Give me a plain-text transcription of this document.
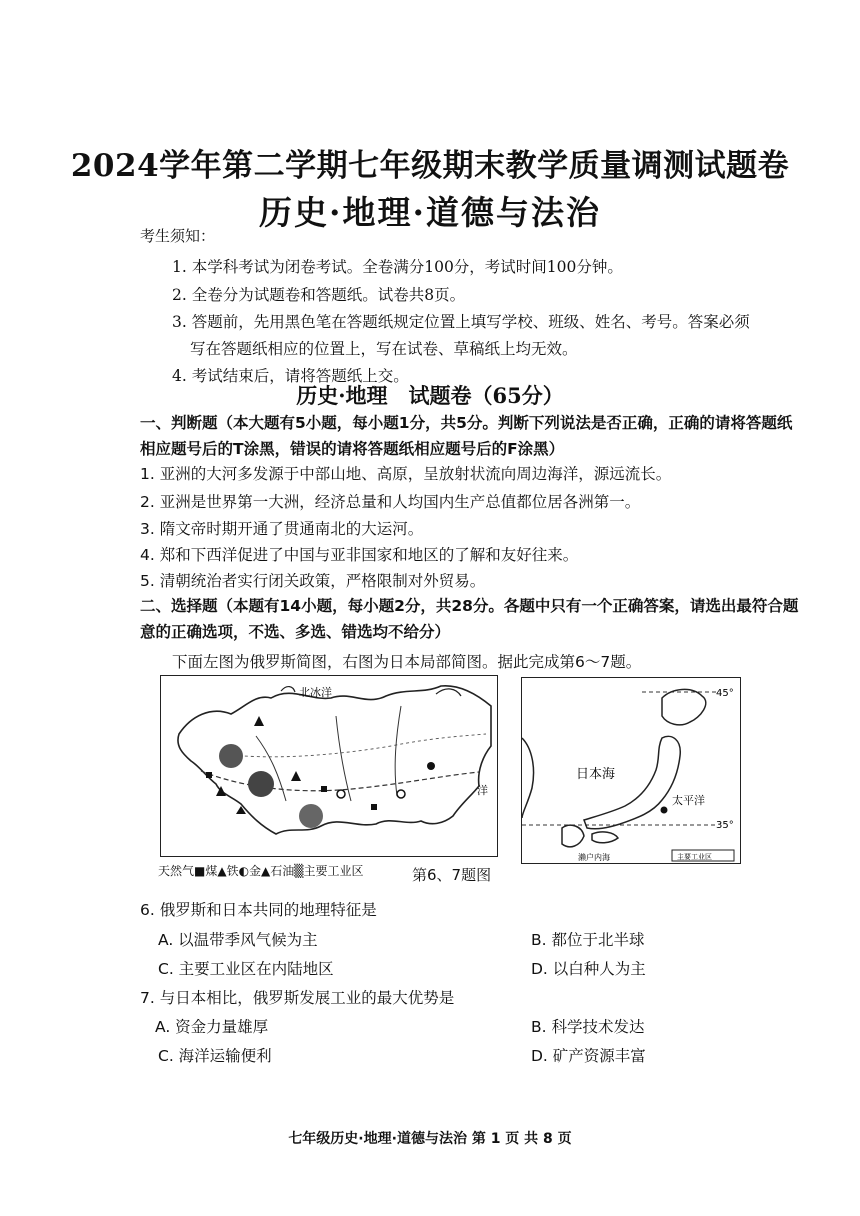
2024学年第二学期七年级期末教学质量调测试题卷
历史·地理·道德与法治
考生须知：
1. 本学科考试为闭卷考试。全卷满分100分，考试时间100分钟。
2. 全卷分为试题卷和答题纸。试卷共8页。
3. 答题前，先用黑色笔在答题纸规定位置上填写学校、班级、姓名、考号。答案必须
写在答题纸相应的位置上，写在试卷、草稿纸上均无效。
4. 考试结束后，请将答题纸上交。
历史·地理　试题卷（65分）
一、判断题（本大题有5小题，每小题1分，共5分。判断下列说法是否正确，正确的请将答题纸相应题号后的T涂黑，错误的请将答题纸相应题号后的F涂黑）
1. 亚洲的大河多发源于中部山地、高原，呈放射状流向周边海洋，源远流长。
2. 亚洲是世界第一大洲，经济总量和人均国内生产总值都位居各洲第一。
3. 隋文帝时期开通了贯通南北的大运河。
4. 郑和下西洋促进了中国与亚非国家和地区的了解和友好往来。
5. 清朝统治者实行闭关政策，严格限制对外贸易。
二、选择题（本题有14小题，每小题2分，共28分。各题中只有一个正确答案，请选出最符合题意的正确选项，不选、多选、错选均不给分）
下面左图为俄罗斯简图，右图为日本局部简图。据此完成第6～7题。
北冰洋
洋
日本海
太平洋
濑户内海
45°
35°
主要工业区
天然气■煤▲铁◐金▲石油▒主要工业区	第6、7题图
6. 俄罗斯和日本共同的地理特征是
A. 以温带季风气候为主	B. 都位于北半球
C. 主要工业区在内陆地区	D. 以白种人为主
7. 与日本相比，俄罗斯发展工业的最大优势是
A. 资金力量雄厚	B. 科学技术发达
C. 海洋运输便利	D. 矿产资源丰富
七年级历史·地理·道德与法治 第 1 页 共 8 页
